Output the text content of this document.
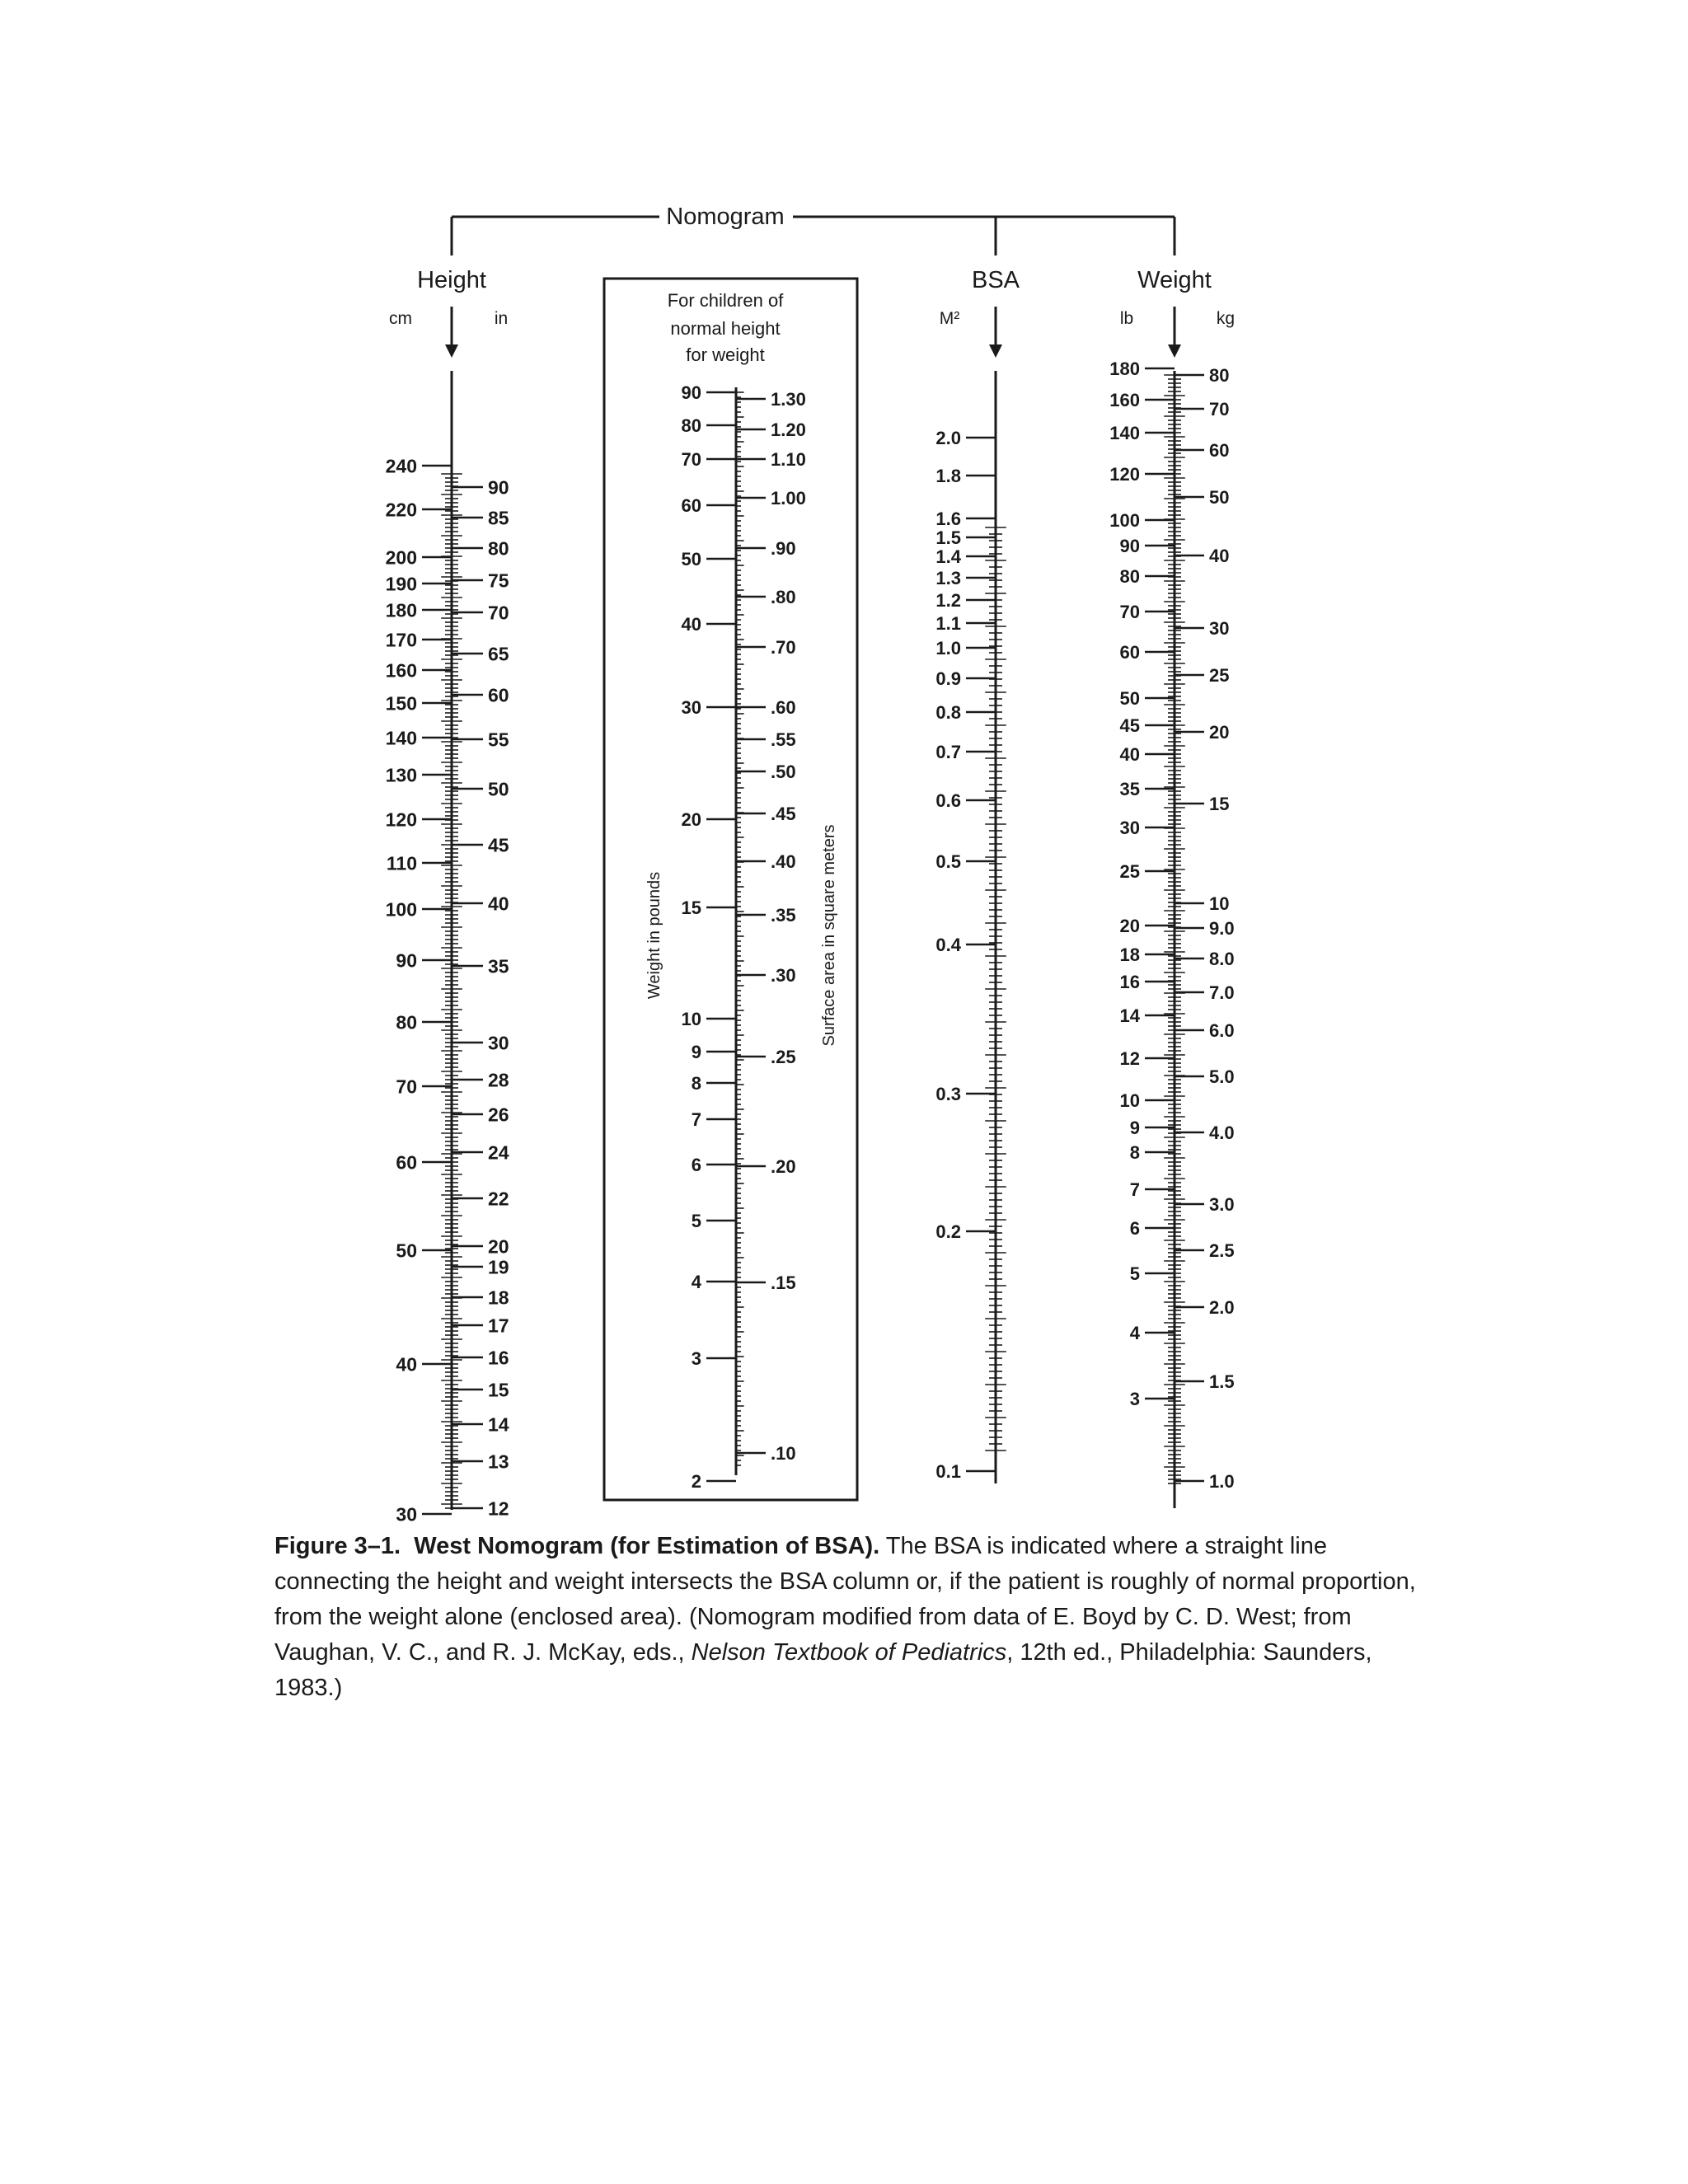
Nomogram
Height
cm	in
For children of
normal height
for weight
Weight in pounds	Surface area in square meters
BSA
M²
Weight
lb	kg
240
220
200
190
180
170
160
150
140
130
120
110
100
90
80
70
60
50
40
30
90
85
80
75
70
65
60
55
50
45
40
35
30
28
26
24
22
20
19
18
17
16
15
14
13
12
90
80
70
60
50
40
30
20
15
10
9
8
7
6
5
4
3
2
1.30
1.20
1.10
1.00
.90
.80
.70
.60
.55
.50
.45
.40
.35
.30
.25
.20
.15
.10
2.0
1.8
1.6
1.5
1.4
1.3
1.2
1.1
1.0
0.9
0.8
0.7
0.6
0.5
0.4
0.3
0.2
0.1
180
160
140
120
100
90
80
70
60
50
45
40
35
30
25
20
18
16
14
12
10
9
8
7
6
5
4
3
80
70
60
50
40
30
25
20
15
10
9.0
8.0
7.0
6.0
5.0
4.0
3.0
2.5
2.0
1.5
1.0
Figure 3–1. West Nomogram (for Estimation of BSA). The BSA is indicated where a straight line connecting the height and weight intersects the BSA column or, if the patient is roughly of normal proportion, from the weight alone (enclosed area). (Nomogram modified from data of E. Boyd by C. D. West; from Vaughan, V. C., and R. J. McKay, eds., Nelson Textbook of Pediatrics, 12th ed., Philadelphia: Saunders, 1983.)
